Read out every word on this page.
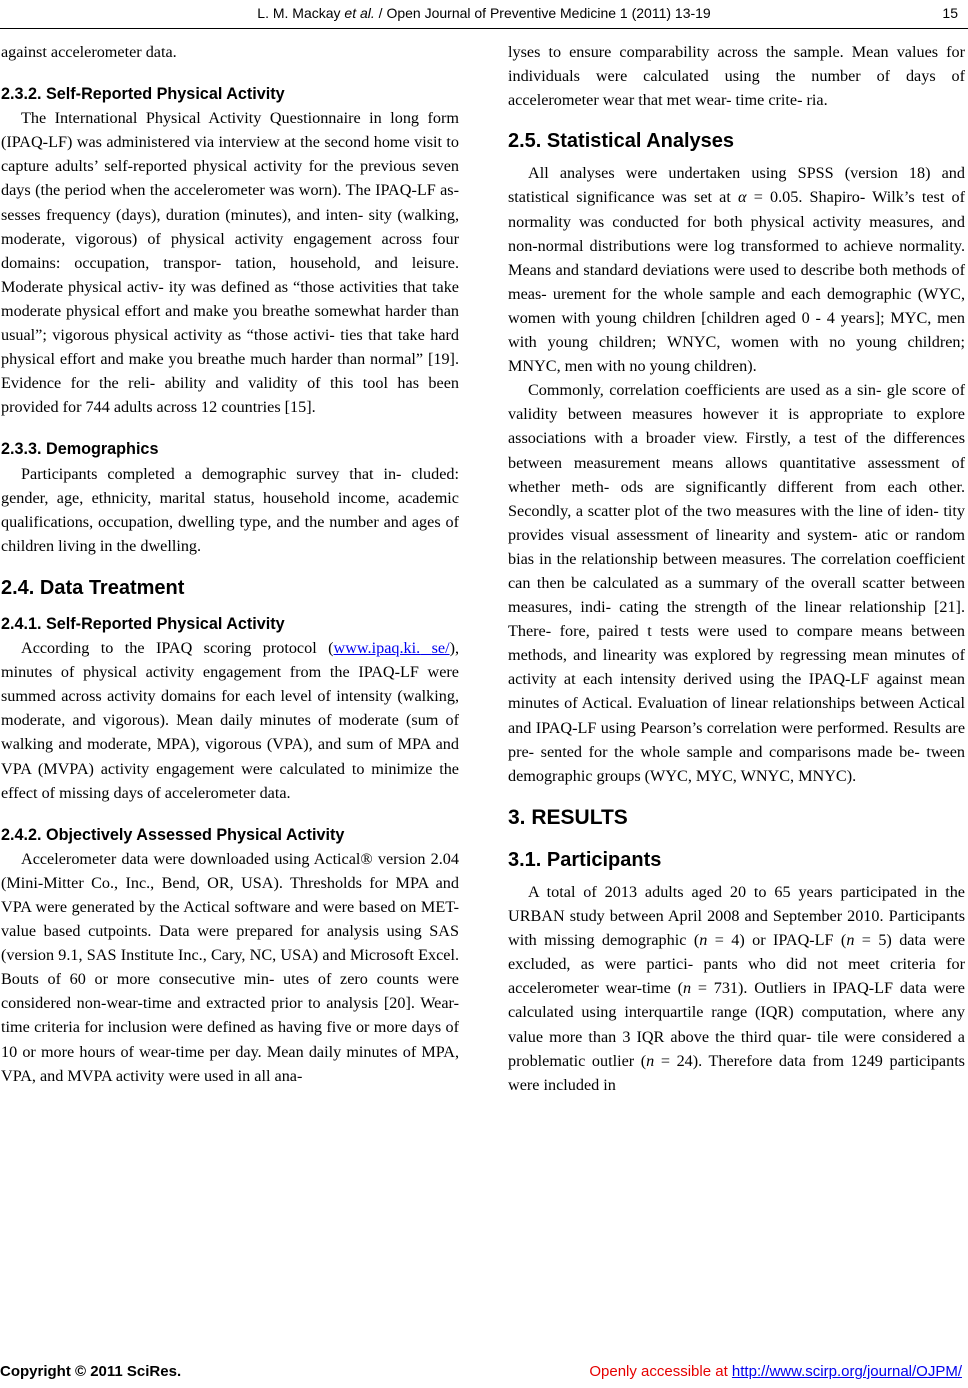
L. M. Mackay et al. / Open Journal of Preventive Medicine 1 (2011) 13-19	15

against accelerometer data.

2.3.2. Self-Reported Physical Activity

The International Physical Activity Questionnaire in long form (IPAQ-LF) was administered via interview at the second home visit to capture adults’ self-reported physical activity for the previous seven days (the period when the accelerometer was worn). The IPAQ-LF as- sesses frequency (days), duration (minutes), and inten- sity (walking, moderate, vigorous) of physical activity engagement across four domains: occupation, transpor- tation, household, and leisure. Moderate physical activ- ity was defined as “those activities that take moderate physical effort and make you breathe somewhat harder than usual”; vigorous physical activity as “those activi- ties that take hard physical effort and make you breathe much harder than normal” [19]. Evidence for the reli- ability and validity of this tool has been provided for 744 adults across 12 countries [15].

2.3.3. Demographics

Participants completed a demographic survey that in- cluded: gender, age, ethnicity, marital status, household income, academic qualifications, occupation, dwelling type, and the number and ages of children living in the dwelling.

2.4. Data Treatment

2.4.1. Self-Reported Physical Activity

According to the IPAQ scoring protocol (www.ipaq.ki. se/), minutes of physical activity engagement from the IPAQ-LF were summed across activity domains for each level of intensity (walking, moderate, and vigorous). Mean daily minutes of moderate (sum of walking and moderate, MPA), vigorous (VPA), and sum of MPA and VPA (MVPA) activity engagement were calculated to minimize the effect of missing days of accelerometer data.

2.4.2. Objectively Assessed Physical Activity

Accelerometer data were downloaded using Actical® version 2.04 (Mini-Mitter Co., Inc., Bend, OR, USA). Thresholds for MPA and VPA were generated by the Actical software and were based on MET-value based cutpoints. Data were prepared for analysis using SAS (version 9.1, SAS Institute Inc., Cary, NC, USA) and Microsoft Excel. Bouts of 60 or more consecutive min- utes of zero counts were considered non-wear-time and extracted prior to analysis [20]. Wear-time criteria for inclusion were defined as having five or more days of 10 or more hours of wear-time per day. Mean daily minutes of MPA, VPA, and MVPA activity were used in all ana-

lyses to ensure comparability across the sample. Mean values for individuals were calculated using the number of days of accelerometer wear that met wear- time crite- ria.

2.5. Statistical Analyses

All analyses were undertaken using SPSS (version 18) and statistical significance was set at α = 0.05. Shapiro- Wilk’s test of normality was conducted for both physical activity measures, and non-normal distributions were log transformed to achieve normality. Means and standard deviations were used to describe both methods of meas- urement for the whole sample and each demographic (WYC, women with young children [children aged 0 - 4 years]; MYC, men with young children; WNYC, women with no young children; MNYC, men with no young children).

Commonly, correlation coefficients are used as a sin- gle score of validity between measures however it is appropriate to explore associations with a broader view. Firstly, a test of the differences between measurement means allows quantitative assessment of whether meth- ods are significantly different from each other. Secondly, a scatter plot of the two measures with the line of iden- tity provides visual assessment of linearity and system- atic or random bias in the relationship between measures. The correlation coefficient can then be calculated as a summary of the overall scatter between measures, indi- cating the strength of the linear relationship [21]. There- fore, paired t tests were used to compare means between methods, and linearity was explored by regressing mean minutes of activity at each intensity derived using the IPAQ-LF against mean minutes of Actical. Evaluation of linear relationships between Actical and IPAQ-LF using Pearson’s correlation were performed. Results are pre- sented for the whole sample and comparisons made be- tween demographic groups (WYC, MYC, WNYC, MNYC).

3. RESULTS

3.1. Participants

A total of 2013 adults aged 20 to 65 years participated in the URBAN study between April 2008 and September 2010. Participants with missing demographic (n = 4) or IPAQ-LF (n = 5) data were excluded, as were partici- pants who did not meet criteria for accelerometer wear-time (n = 731). Outliers in IPAQ-LF data were calculated using interquartile range (IQR) computation, where any value more than 3 IQR above the third quar- tile were considered a problematic outlier (n = 24). Therefore data from 1249 participants were included in

Copyright © 2011 SciRes.	Openly accessible at http://www.scirp.org/journal/OJPM/
